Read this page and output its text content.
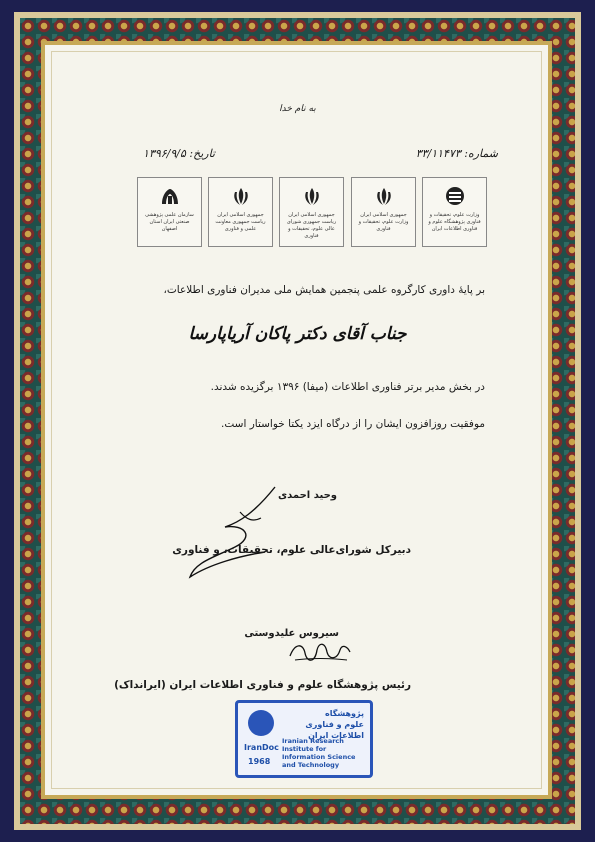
به نام خدا
شماره: ۳۳/۱۱۴۷۳
تاریخ: ۱۳۹۶/۹/۵
وزارت علوم، تحقیقات و فناوری پژوهشگاه علوم و فناوری اطلاعات ایران
جمهوری اسلامی ایران وزارت علوم، تحقیقات و فناوری
جمهوری اسلامی ایران ریاست جمهوری شورای عالی علوم، تحقیقات و فناوری
جمهوری اسلامی ایران ریاست جمهوری معاونت علمی و فناوری
سازمان علمی پژوهشی صنعتی ایران استان اصفهان
بر پایهٔ داوری کارگروه علمی پنجمین همایش ملی مدیران فناوری اطلاعات،
جناب آقای دکتر پاکان آریاپارسا
در بخش مدیر برتر فناوری اطلاعات (میفا) ۱۳۹۶ برگزیده شدند.
موفقیت روزافزون ایشان را از درگاه ایزد یکتا خواستار است.
وحید احمدی
دبیرکل شورای‌عالی علوم، تحقیقات، و فناوری
سیروس علیدوستی
رئیس پژوهشگاه علوم و فناوری اطلاعات ایران (ایرانداک)
پژوهشگاه
علوم و فناوری اطلاعات ایران
Iranian Research Institute for Information Science and Technology
IranDoc
1968
